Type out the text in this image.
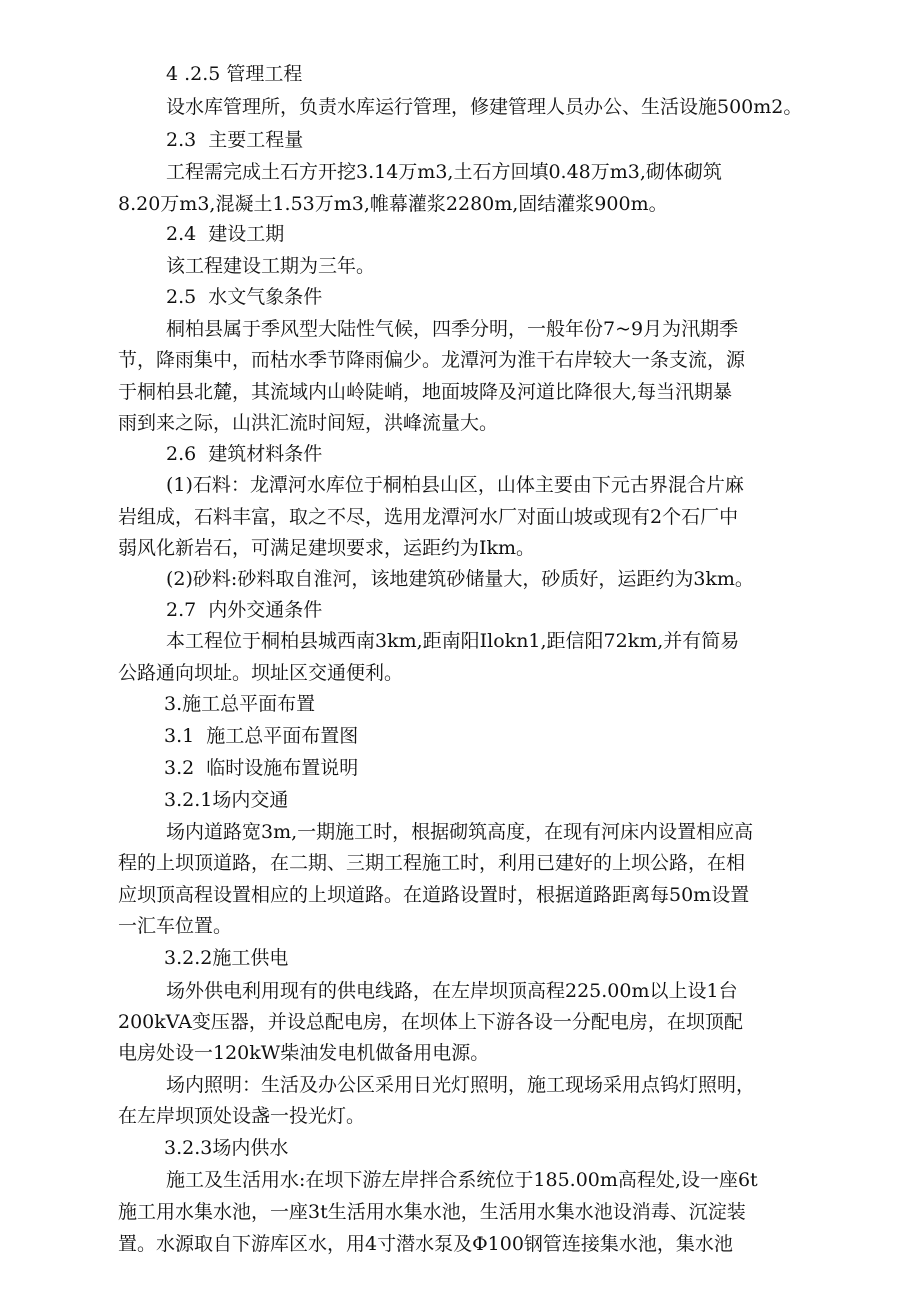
4 .2.5 管理工程
设水库管理所，负责水库运行管理，修建管理人员办公、生活设施500m2。
2.3  主要工程量
工程需完成土石方开挖3.14万m3,土石方回填0.48万m3,砌体砌筑
8.20万m3,混凝土1.53万m3,帷幕灌浆2280m,固结灌浆900m。
2.4  建设工期
该工程建设工期为三年。
2.5  水文气象条件
桐柏县属于季风型大陆性气候，四季分明，一般年份7~9月为汛期季
节，降雨集中，而枯水季节降雨偏少。龙潭河为淮干右岸较大一条支流，源
于桐柏县北麓，其流域内山岭陡峭，地面坡降及河道比降很大,每当汛期暴
雨到来之际，山洪汇流时间短，洪峰流量大。
2.6  建筑材料条件
(1)石料：龙潭河水库位于桐柏县山区，山体主要由下元古界混合片麻
岩组成，石料丰富，取之不尽，选用龙潭河水厂对面山坡或现有2个石厂中
弱风化新岩石，可满足建坝要求，运距约为Ikm。
(2)砂料:砂料取自淮河，该地建筑砂储量大，砂质好，运距约为3km。
2.7  内外交通条件
本工程位于桐柏县城西南3km,距南阳Ilokn1,距信阳72km,并有简易
公路通向坝址。坝址区交通便利。
3.施工总平面布置
3.1  施工总平面布置图
3.2  临时设施布置说明
3.2.1场内交通
场内道路宽3m,一期施工时，根据砌筑高度，在现有河床内设置相应高
程的上坝顶道路，在二期、三期工程施工时，利用已建好的上坝公路，在相
应坝顶高程设置相应的上坝道路。在道路设置时，根据道路距离每50m设置
一汇车位置。
3.2.2施工供电
场外供电利用现有的供电线路，在左岸坝顶高程225.00m以上设1台
200kVA变压器，并设总配电房，在坝体上下游各设一分配电房，在坝顶配
电房处设一120kW柴油发电机做备用电源。
场内照明：生活及办公区采用日光灯照明，施工现场采用点钨灯照明，
在左岸坝顶处设盏一投光灯。
3.2.3场内供水
施工及生活用水:在坝下游左岸拌合系统位于185.00m高程处,设一座6t
施工用水集水池，一座3t生活用水集水池，生活用水集水池设消毒、沉淀装
置。水源取自下游库区水，用4寸潜水泵及Φ100钢管连接集水池，集水池
